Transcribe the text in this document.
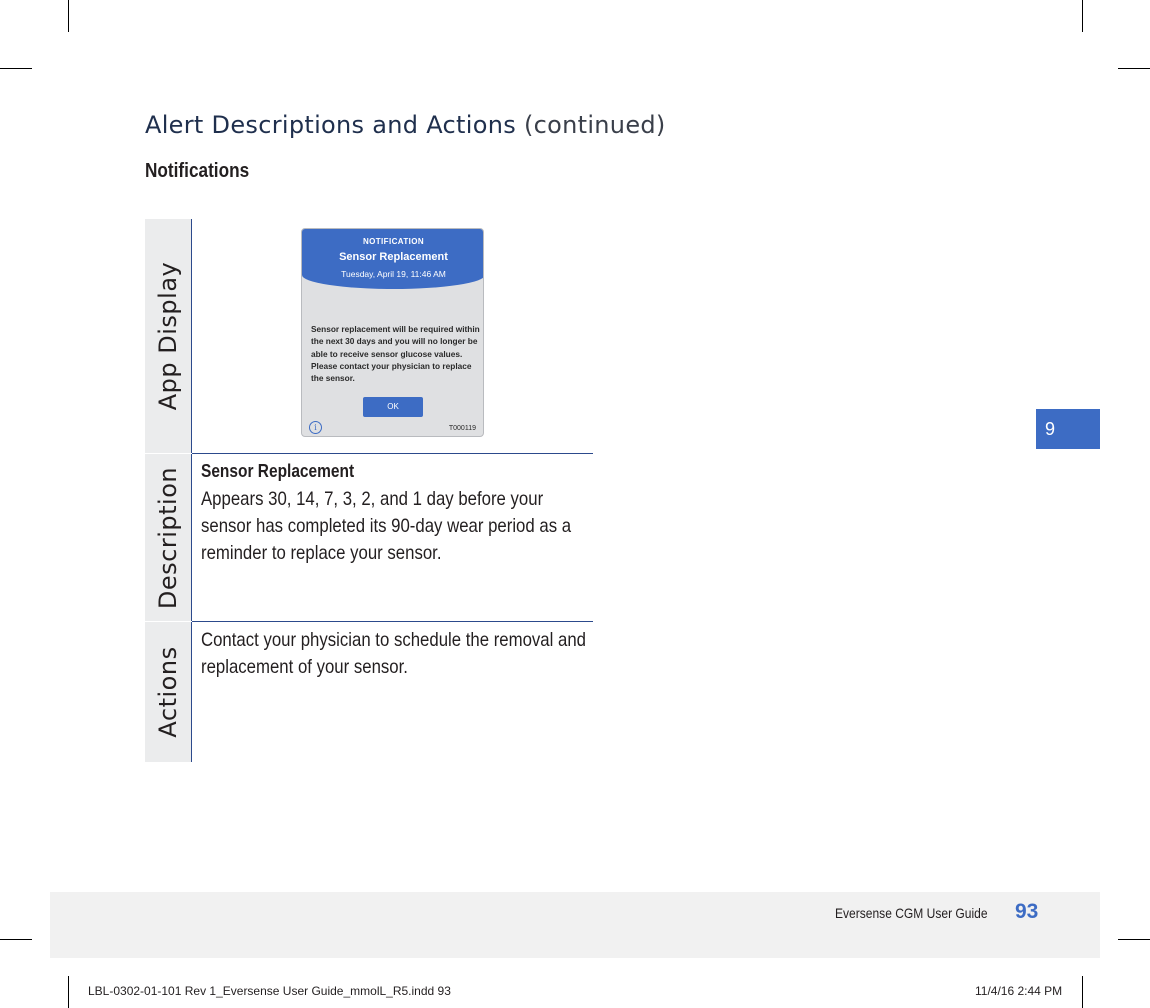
Alert Descriptions and Actions (continued)
Notifications
App Display
Description
Actions
NOTIFICATION
Sensor Replacement
Tuesday, April 19, 11:46 AM
Sensor replacement will be required within the next 30 days and you will no longer be able to receive sensor glucose values. Please contact your physician to replace the sensor.
OK
i	T000119
Sensor Replacement

Appears 30, 14, 7, 3, 2, and 1 day before your sensor has completed its 90-day wear period as a reminder to replace your sensor.

Contact your physician to schedule the removal and replacement of your sensor.

9
Eversense CGM User Guide 93
LBL-0302-01-101 Rev 1_Eversense User Guide_mmolL_R5.indd 93	11/4/16 2:44 PM
